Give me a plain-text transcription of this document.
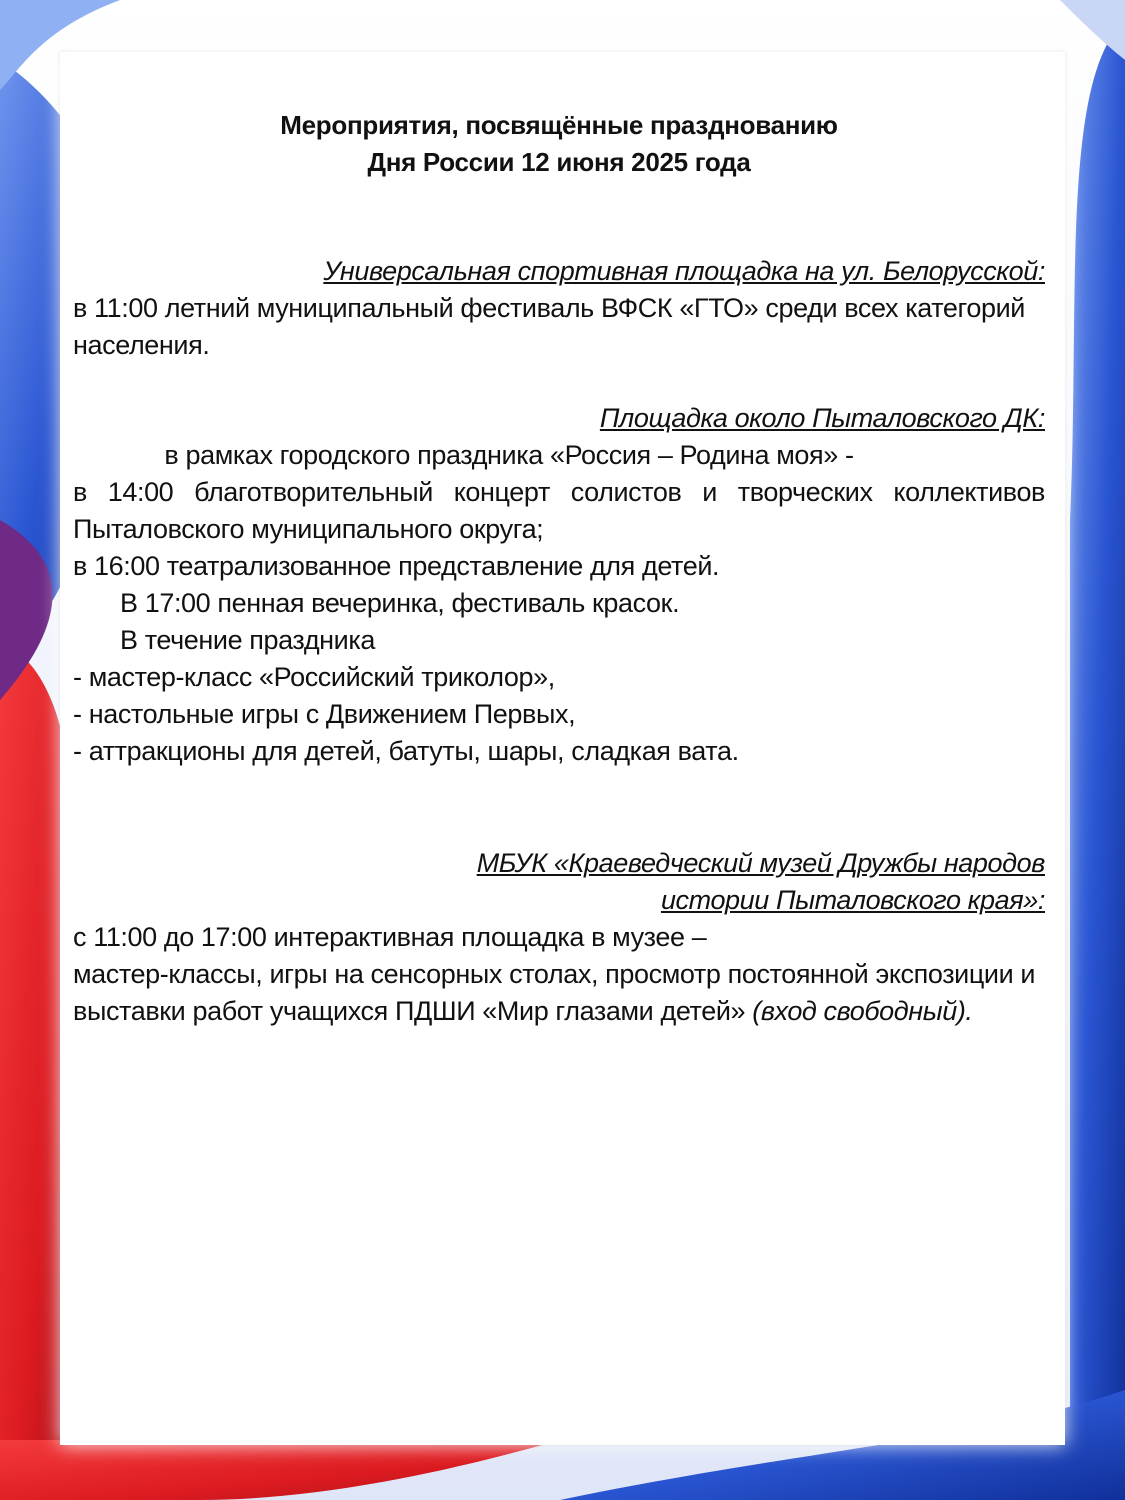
Мероприятия, посвящённые празднованию
Дня России 12 июня 2025 года
Универсальная спортивная площадка на ул. Белорусской:
в 11:00 летний муниципальный фестиваль ВФСК «ГТО» среди всех категорий
населения.
Площадка около Пыталовского ДК:
в рамках городского праздника «Россия – Родина моя» -
в 14:00 благотворительный концерт солистов и творческих коллективов
Пыталовского муниципального округа;
в 16:00 театрализованное представление для детей.
В 17:00 пенная вечеринка, фестиваль красок.
В течение праздника
- мастер-класс «Российский триколор»,
- настольные игры с Движением Первых,
- аттракционы для детей, батуты, шары, сладкая вата.
МБУК «Краеведческий музей Дружбы народов
истории Пыталовского края»:
с 11:00 до 17:00 интерактивная площадка в музее –
мастер-классы, игры на сенсорных столах, просмотр постоянной экспозиции и
выставки работ учащихся ПДШИ «Мир глазами детей» (вход свободный).
